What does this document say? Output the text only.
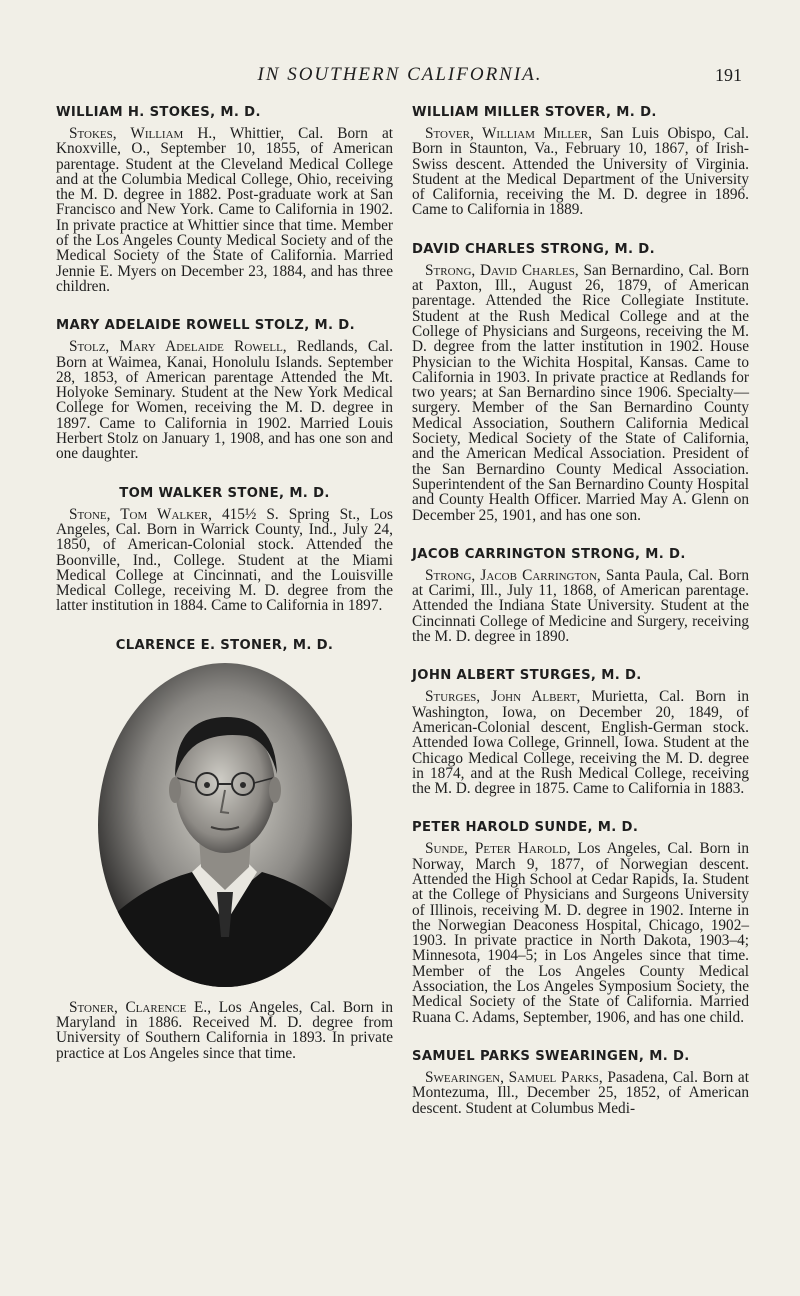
IN SOUTHERN CALIFORNIA.	191
WILLIAM H. STOKES, M. D.

Stokes, William H., Whittier, Cal. Born at Knoxville, O., September 10, 1855, of American parentage. Student at the Cleveland Medical College and at the Columbia Medical College, Ohio, receiving the M. D. degree in 1882. Post-graduate work at San Francisco and New York. Came to California in 1902. In private practice at Whittier since that time. Member of the Los Angeles County Medical Society and of the Medical Society of the State of California. Married Jennie E. Myers on December 23, 1884, and has three children.

MARY ADELAIDE ROWELL STOLZ, M. D.

Stolz, Mary Adelaide Rowell, Redlands, Cal. Born at Waimea, Kanai, Honolulu Islands. September 28, 1853, of American parentage Attended the Mt. Holyoke Seminary. Student at the New York Medical College for Women, receiving the M. D. degree in 1897. Came to California in 1902. Married Louis Herbert Stolz on January 1, 1908, and has one son and one daughter.

TOM WALKER STONE, M. D.

Stone, Tom Walker, 415½ S. Spring St., Los Angeles, Cal. Born in Warrick County, Ind., July 24, 1850, of American-Colonial stock. Attended the Boonville, Ind., College. Student at the Miami Medical College at Cincinnati, and the Louisville Medical College, receiving M. D. degree from the latter institution in 1884. Came to California in 1897.

CLARENCE E. STONER, M. D.

Stoner, Clarence E., Los Angeles, Cal. Born in Maryland in 1886. Received M. D. degree from University of Southern California in 1893. In private practice at Los Angeles since that time.

WILLIAM MILLER STOVER, M. D.

Stover, William Miller, San Luis Obispo, Cal. Born in Staunton, Va., February 10, 1867, of Irish-Swiss descent. Attended the University of Virginia. Student at the Medical Department of the University of California, receiving the M. D. degree in 1896. Came to California in 1889.

DAVID CHARLES STRONG, M. D.

Strong, David Charles, San Bernardino, Cal. Born at Paxton, Ill., August 26, 1879, of American parentage. Attended the Rice Collegiate Institute. Student at the Rush Medical College and at the College of Physicians and Surgeons, receiving the M. D. degree from the latter institution in 1902. House Physician to the Wichita Hospital, Kansas. Came to California in 1903. In private practice at Redlands for two years; at San Bernardino since 1906. Specialty—surgery. Member of the San Bernardino County Medical Association, Southern California Medical Society, Medical Society of the State of California, and the American Medical Association. President of the San Bernardino County Medical Association. Superintendent of the San Bernardino County Hospital and County Health Officer. Married May A. Glenn on December 25, 1901, and has one son.

JACOB CARRINGTON STRONG, M. D.

Strong, Jacob Carrington, Santa Paula, Cal. Born at Carimi, Ill., July 11, 1868, of American parentage. Attended the Indiana State University. Student at the Cincinnati College of Medicine and Surgery, receiving the M. D. degree in 1890.

JOHN ALBERT STURGES, M. D.

Sturges, John Albert, Murietta, Cal. Born in Washington, Iowa, on December 20, 1849, of American-Colonial descent, English-German stock. Attended Iowa College, Grinnell, Iowa. Student at the Chicago Medical College, receiving the M. D. degree in 1874, and at the Rush Medical College, receiving the M. D. degree in 1875. Came to California in 1883.

PETER HAROLD SUNDE, M. D.

Sunde, Peter Harold, Los Angeles, Cal. Born in Norway, March 9, 1877, of Norwegian descent. Attended the High School at Cedar Rapids, Ia. Student at the College of Physicians and Surgeons University of Illinois, receiving M. D. degree in 1902. Interne in the Norwegian Deaconess Hospital, Chicago, 1902–1903. In private practice in North Dakota, 1903–4; Minnesota, 1904–5; in Los Angeles since that time. Member of the Los Angeles County Medical Association, the Los Angeles Symposium Society, the Medical Society of the State of California. Married Ruana C. Adams, September, 1906, and has one child.

SAMUEL PARKS SWEARINGEN, M. D.

Swearingen, Samuel Parks, Pasadena, Cal. Born at Montezuma, Ill., December 25, 1852, of American descent. Student at Columbus Medi-
